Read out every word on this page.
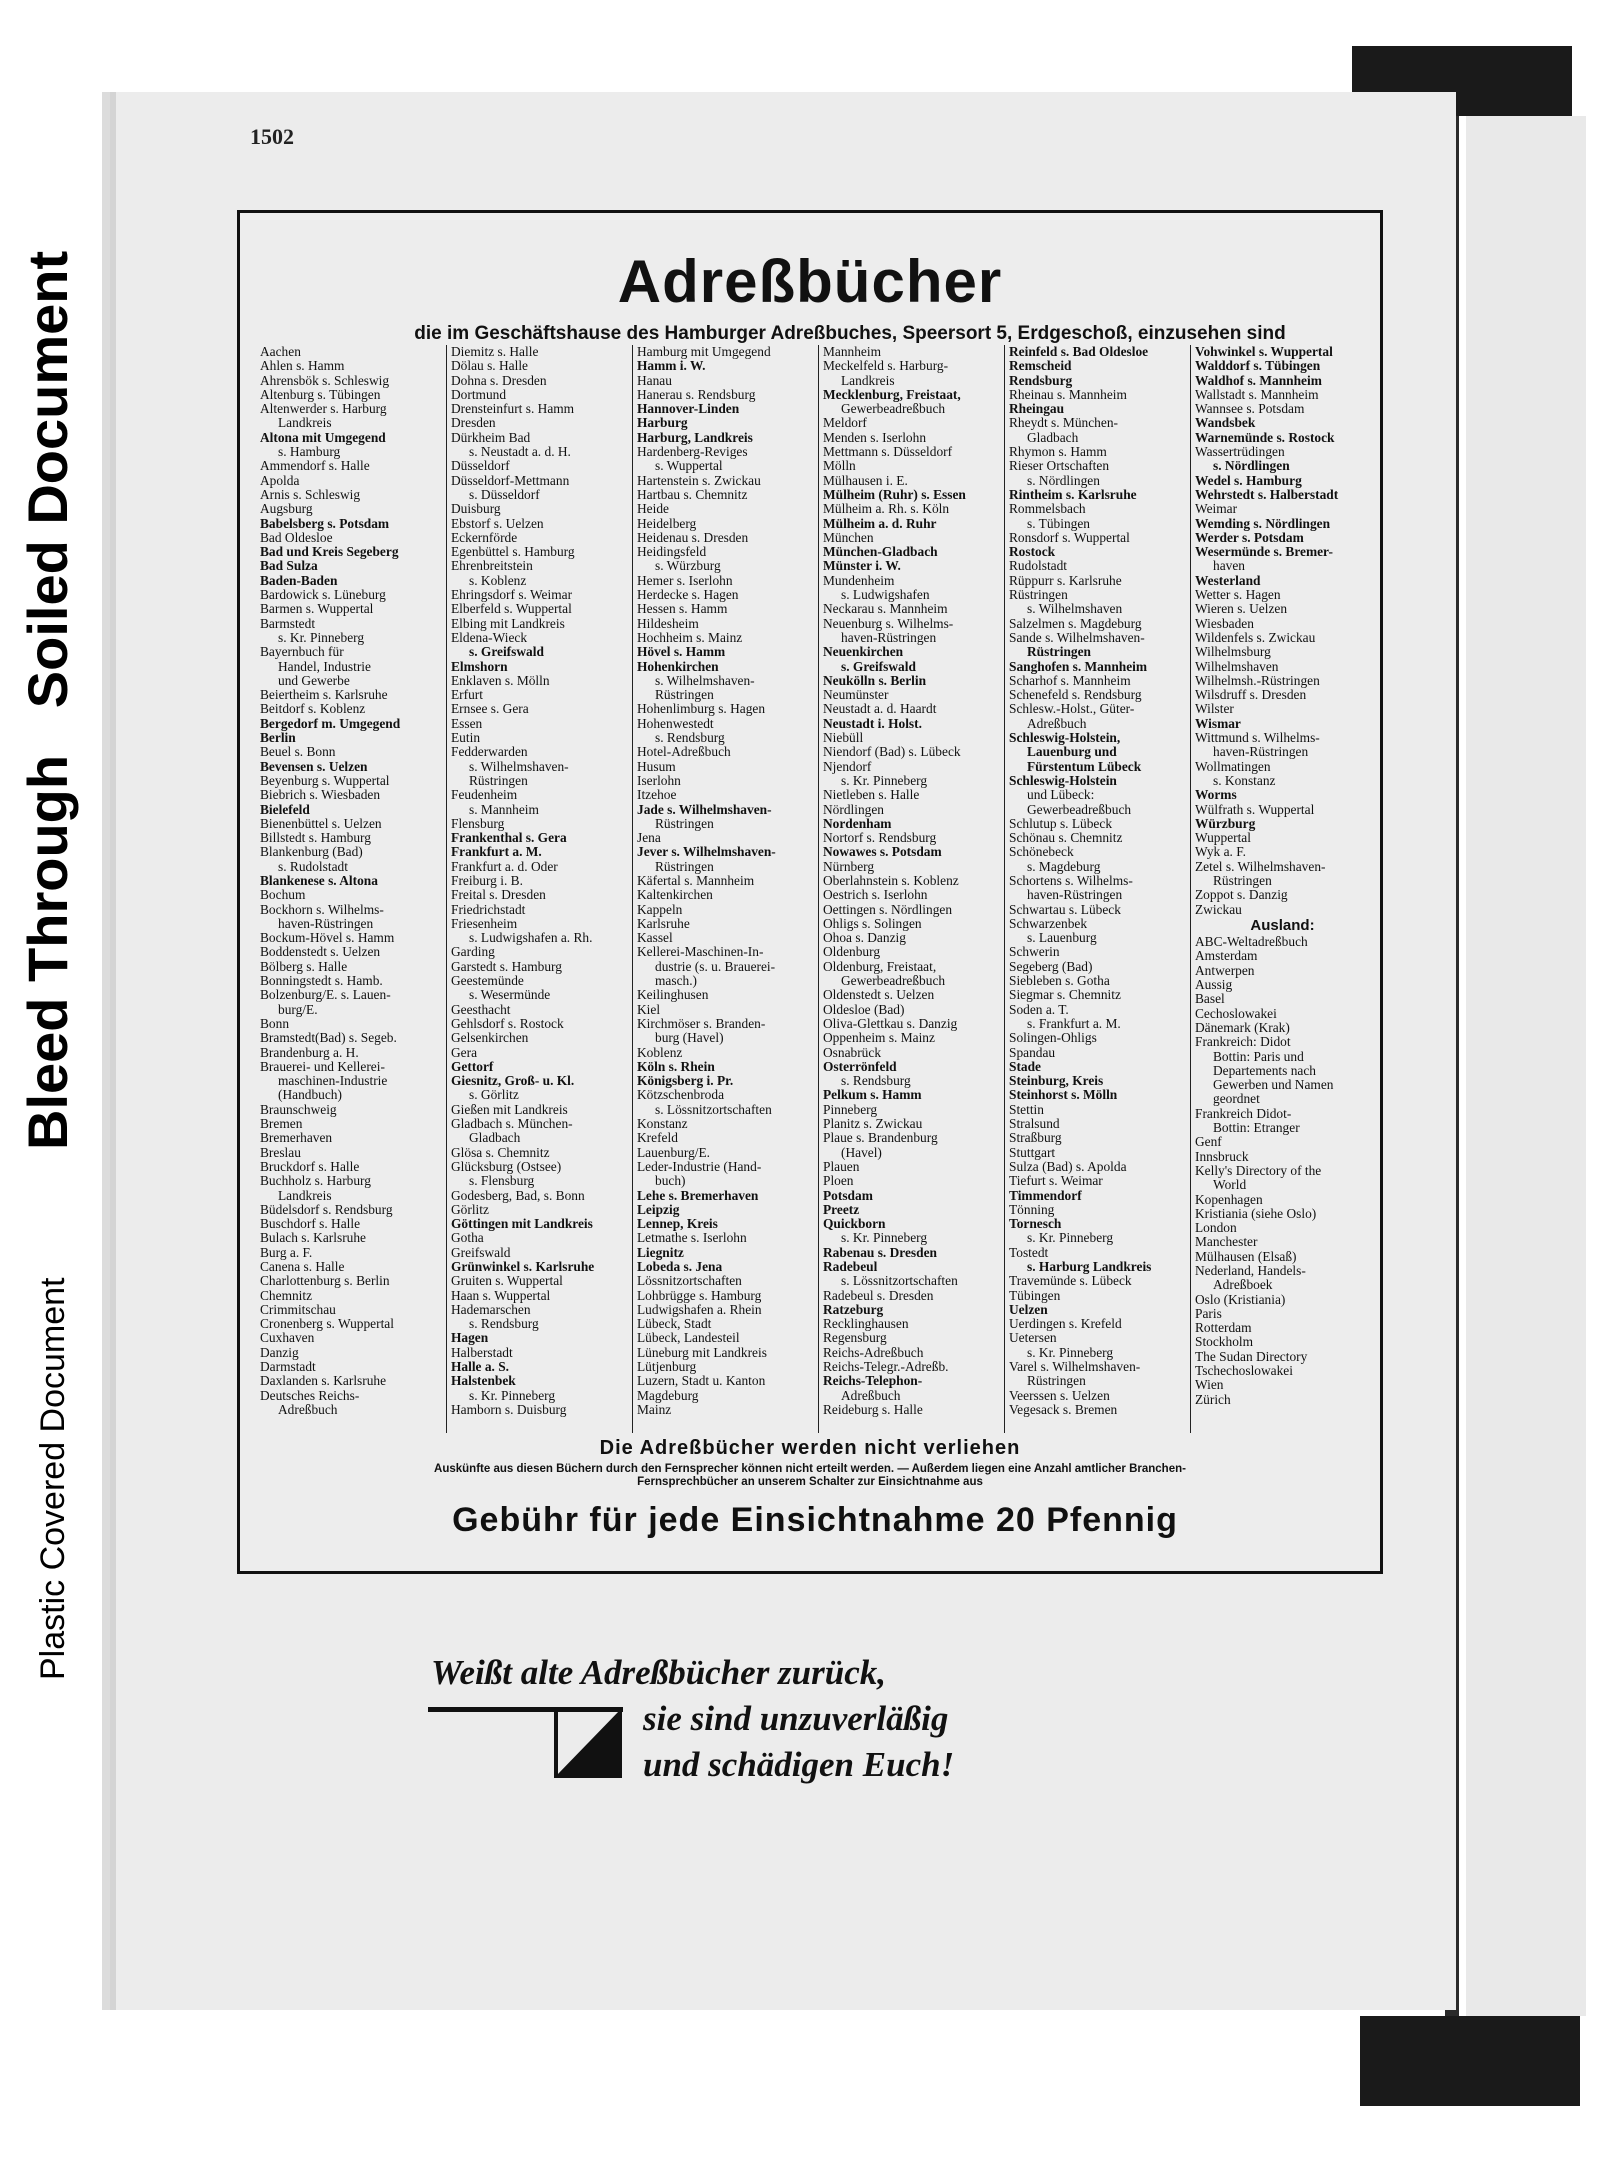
Plastic Covered Document
Bleed Through   Soiled Document
1502
Adreßbücher
die im Geschäftshause des Hamburger Adreßbuches, Speersort 5, Erdgeschoß, einzusehen sind
Aachen
Ahlen s. Hamm
Ahrensbök s. Schleswig
Altenburg s. Tübingen
Altenwerder s. Harburg
Landkreis
Altona mit Umgegend
s. Hamburg
Ammendorf s. Halle
Apolda
Arnis s. Schleswig
Augsburg
Babelsberg s. Potsdam
Bad Oldesloe
Bad und Kreis Segeberg
Bad Sulza
Baden-Baden
Bardowick s. Lüneburg
Barmen s. Wuppertal
Barmstedt
s. Kr. Pinneberg
Bayernbuch für
Handel, Industrie
und Gewerbe
Beiertheim s. Karlsruhe
Beitdorf s. Koblenz
Bergedorf m. Umgegend
Berlin
Beuel s. Bonn
Bevensen s. Uelzen
Beyenburg s. Wuppertal
Biebrich s. Wiesbaden
Bielefeld
Bienenbüttel s. Uelzen
Billstedt s. Hamburg
Blankenburg (Bad)
s. Rudolstadt
Blankenese s. Altona
Bochum
Bockhorn s. Wilhelms-
haven-Rüstringen
Bockum-Hövel s. Hamm
Boddenstedt s. Uelzen
Bölberg s. Halle
Bonningstedt s. Hamb.
Bolzenburg/E. s. Lauen-
burg/E.
Bonn
Bramstedt(Bad) s. Segeb.
Brandenburg a. H.
Brauerei- und Kellerei-
maschinen-Industrie
(Handbuch)
Braunschweig
Bremen
Bremerhaven
Breslau
Bruckdorf s. Halle
Buchholz s. Harburg
Landkreis
Büdelsdorf s. Rendsburg
Buschdorf s. Halle
Bulach s. Karlsruhe
Burg a. F.
Canena s. Halle
Charlottenburg s. Berlin
Chemnitz
Crimmitschau
Cronenberg s. Wuppertal
Cuxhaven
Danzig
Darmstadt
Daxlanden s. Karlsruhe
Deutsches Reichs-
Adreßbuch
Diemitz s. Halle
Dölau s. Halle
Dohna s. Dresden
Dortmund
Drensteinfurt s. Hamm
Dresden
Dürkheim Bad
s. Neustadt a. d. H.
Düsseldorf
Düsseldorf-Mettmann
s. Düsseldorf
Duisburg
Ebstorf s. Uelzen
Eckernförde
Egenbüttel s. Hamburg
Ehrenbreitstein
s. Koblenz
Ehringsdorf s. Weimar
Elberfeld s. Wuppertal
Elbing mit Landkreis
Eldena-Wieck
s. Greifswald
Elmshorn
Enklaven s. Mölln
Erfurt
Ernsee s. Gera
Essen
Eutin
Fedderwarden
s. Wilhelmshaven-
Rüstringen
Feudenheim
s. Mannheim
Flensburg
Frankenthal s. Gera
Frankfurt a. M.
Frankfurt a. d. Oder
Freiburg i. B.
Freital s. Dresden
Friedrichstadt
Friesenheim
s. Ludwigshafen a. Rh.
Garding
Garstedt s. Hamburg
Geestemünde
s. Wesermünde
Geesthacht
Gehlsdorf s. Rostock
Gelsenkirchen
Gera
Gettorf
Giesnitz, Groß- u. Kl.
s. Görlitz
Gießen mit Landkreis
Gladbach s. München-
Gladbach
Glösa s. Chemnitz
Glücksburg (Ostsee)
s. Flensburg
Godesberg, Bad, s. Bonn
Görlitz
Göttingen mit Landkreis
Gotha
Greifswald
Grünwinkel s. Karlsruhe
Gruiten s. Wuppertal
Haan s. Wuppertal
Hademarschen
s. Rendsburg
Hagen
Halberstadt
Halle a. S.
Halstenbek
s. Kr. Pinneberg
Hamborn s. Duisburg
Hamburg mit Umgegend
Hamm i. W.
Hanau
Hanerau s. Rendsburg
Hannover-Linden
Harburg
Harburg, Landkreis
Hardenberg-Reviges
s. Wuppertal
Hartenstein s. Zwickau
Hartbau s. Chemnitz
Heide
Heidelberg
Heidenau s. Dresden
Heidingsfeld
s. Würzburg
Hemer s. Iserlohn
Herdecke s. Hagen
Hessen s. Hamm
Hildesheim
Hochheim s. Mainz
Hövel s. Hamm
Hohenkirchen
s. Wilhelmshaven-
Rüstringen
Hohenlimburg s. Hagen
Hohenwestedt
s. Rendsburg
Hotel-Adreßbuch
Husum
Iserlohn
Itzehoe
Jade s. Wilhelmshaven-
Rüstringen
Jena
Jever s. Wilhelmshaven-
Rüstringen
Käfertal s. Mannheim
Kaltenkirchen
Kappeln
Karlsruhe
Kassel
Kellerei-Maschinen-In-
dustrie (s. u. Brauerei-
masch.)
Keilinghusen
Kiel
Kirchmöser s. Branden-
burg (Havel)
Koblenz
Köln s. Rhein
Königsberg i. Pr.
Kötzschenbroda
s. Lössnitzortschaften
Konstanz
Krefeld
Lauenburg/E.
Leder-Industrie (Hand-
buch)
Lehe s. Bremerhaven
Leipzig
Lennep, Kreis
Letmathe s. Iserlohn
Liegnitz
Lobeda s. Jena
Lössnitzortschaften
Lohbrügge s. Hamburg
Ludwigshafen a. Rhein
Lübeck, Stadt
Lübeck, Landesteil
Lüneburg mit Landkreis
Lütjenburg
Luzern, Stadt u. Kanton
Magdeburg
Mainz
Mannheim
Meckelfeld s. Harburg-
Landkreis
Mecklenburg, Freistaat,
Gewerbeadreßbuch
Meldorf
Menden s. Iserlohn
Mettmann s. Düsseldorf
Mölln
Mülhausen i. E.
Mülheim (Ruhr) s. Essen
Mülheim a. Rh. s. Köln
Mülheim a. d. Ruhr
München
München-Gladbach
Münster i. W.
Mundenheim
s. Ludwigshafen
Neckarau s. Mannheim
Neuenburg s. Wilhelms-
haven-Rüstringen
Neuenkirchen
s. Greifswald
Neukölln s. Berlin
Neumünster
Neustadt a. d. Haardt
Neustadt i. Holst.
Niebüll
Niendorf (Bad) s. Lübeck
Njendorf
s. Kr. Pinneberg
Nietleben s. Halle
Nördlingen
Nordenham
Nortorf s. Rendsburg
Nowawes s. Potsdam
Nürnberg
Oberlahnstein s. Koblenz
Oestrich s. Iserlohn
Oettingen s. Nördlingen
Ohligs s. Solingen
Ohoa s. Danzig
Oldenburg
Oldenburg, Freistaat,
Gewerbeadreßbuch
Oldenstedt s. Uelzen
Oldesloe (Bad)
Oliva-Glettkau s. Danzig
Oppenheim s. Mainz
Osnabrück
Osterrönfeld
s. Rendsburg
Pelkum s. Hamm
Pinneberg
Planitz s. Zwickau
Plaue s. Brandenburg
(Havel)
Plauen
Ploen
Potsdam
Preetz
Quickborn
s. Kr. Pinneberg
Rabenau s. Dresden
Radebeul
s. Lössnitzortschaften
Radebeul s. Dresden
Ratzeburg
Recklinghausen
Regensburg
Reichs-Adreßbuch
Reichs-Telegr.-Adreßb.
Reichs-Telephon-
Adreßbuch
Reideburg s. Halle
Reinfeld s. Bad Oldesloe
Remscheid
Rendsburg
Rheinau s. Mannheim
Rheingau
Rheydt s. München-
Gladbach
Rhymon s. Hamm
Rieser Ortschaften
s. Nördlingen
Rintheim s. Karlsruhe
Rommelsbach
s. Tübingen
Ronsdorf s. Wuppertal
Rostock
Rudolstadt
Rüppurr s. Karlsruhe
Rüstringen
s. Wilhelmshaven
Salzelmen s. Magdeburg
Sande s. Wilhelmshaven-
Rüstringen
Sanghofen s. Mannheim
Scharhof s. Mannheim
Schenefeld s. Rendsburg
Schlesw.-Holst., Güter-
Adreßbuch
Schleswig-Holstein,
Lauenburg und
Fürstentum Lübeck
Schleswig-Holstein
und Lübeck:
Gewerbeadreßbuch
Schlutup s. Lübeck
Schönau s. Chemnitz
Schönebeck
s. Magdeburg
Schortens s. Wilhelms-
haven-Rüstringen
Schwartau s. Lübeck
Schwarzenbek
s. Lauenburg
Schwerin
Segeberg (Bad)
Siebleben s. Gotha
Siegmar s. Chemnitz
Soden a. T.
s. Frankfurt a. M.
Solingen-Ohligs
Spandau
Stade
Steinburg, Kreis
Steinhorst s. Mölln
Stettin
Stralsund
Straßburg
Stuttgart
Sulza (Bad) s. Apolda
Tiefurt s. Weimar
Timmendorf
Tönning
Tornesch
s. Kr. Pinneberg
Tostedt
s. Harburg Landkreis
Travemünde s. Lübeck
Tübingen
Uelzen
Uerdingen s. Krefeld
Uetersen
s. Kr. Pinneberg
Varel s. Wilhelmshaven-
Rüstringen
Veerssen s. Uelzen
Vegesack s. Bremen
Vohwinkel s. Wuppertal
Walddorf s. Tübingen
Waldhof s. Mannheim
Wallstadt s. Mannheim
Wannsee s. Potsdam
Wandsbek
Warnemünde s. Rostock
Wassertrüdingen
s. Nördlingen
Wedel s. Hamburg
Wehrstedt s. Halberstadt
Weimar
Wemding s. Nördlingen
Werder s. Potsdam
Wesermünde s. Bremer-
haven
Westerland
Wetter s. Hagen
Wieren s. Uelzen
Wiesbaden
Wildenfels s. Zwickau
Wilhelmsburg
Wilhelmshaven
Wilhelmsh.-Rüstringen
Wilsdruff s. Dresden
Wilster
Wismar
Wittmund s. Wilhelms-
haven-Rüstringen
Wollmatingen
s. Konstanz
Worms
Wülfrath s. Wuppertal
Würzburg
Wuppertal
Wyk a. F.
Zetel s. Wilhelmshaven-
Rüstringen
Zoppot s. Danzig
Zwickau
Ausland:
ABC-Weltadreßbuch
Amsterdam
Antwerpen
Aussig
Basel
Cechoslowakei
Dänemark (Krak)
Frankreich: Didot
Bottin: Paris und
Departements nach
Gewerben und Namen
geordnet
Frankreich Didot-
Bottin: Etranger
Genf
Innsbruck
Kelly's Directory of the
World
Kopenhagen
Kristiania (siehe Oslo)
London
Manchester
Mülhausen (Elsaß)
Nederland, Handels-
Adreßboek
Oslo (Kristiania)
Paris
Rotterdam
Stockholm
The Sudan Directory
Tschechoslowakei
Wien
Zürich
Die Adreßbücher werden nicht verliehen
Auskünfte aus diesen Büchern durch den Fernsprecher können nicht erteilt werden. — Außerdem liegen eine Anzahl amtlicher Branchen-
Fernsprechbücher an unserem Schalter zur Einsichtnahme aus
Gebühr für jede Einsichtnahme 20 Pfennig
Weißt alte Adreßbücher zurück,
sie sind unzuverläßig
und schädigen Euch!
